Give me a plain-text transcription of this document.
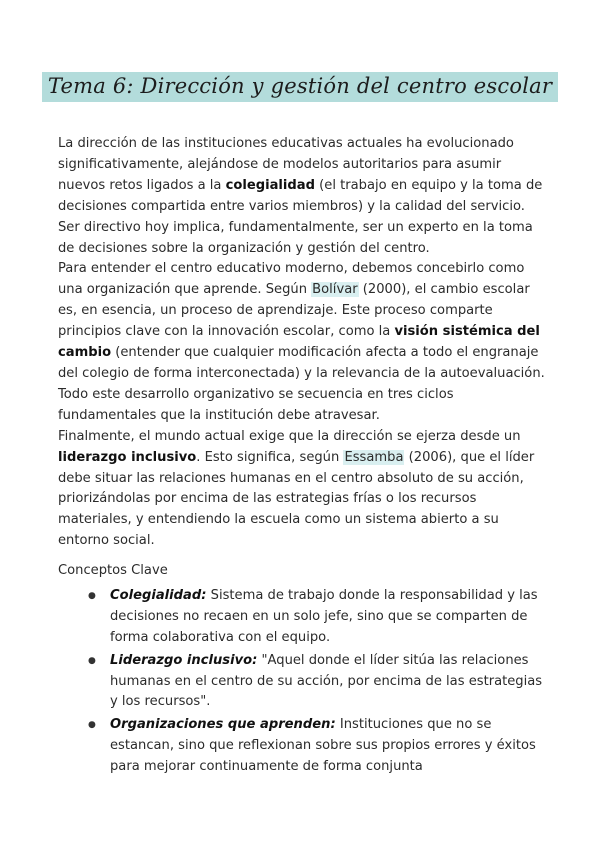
Tema 6: Dirección y gestión del centro escolar

La dirección de las instituciones educativas actuales ha evolucionado significativamente, alejándose de modelos autoritarios para asumir nuevos retos ligados a la colegialidad (el trabajo en equipo y la toma de decisiones compartida entre varios miembros) y la calidad del servicio. Ser directivo hoy implica, fundamentalmente, ser un experto en la toma de decisiones sobre la organización y gestión del centro.

Para entender el centro educativo moderno, debemos concebirlo como una organización que aprende. Según Bolívar (2000), el cambio escolar es, en esencia, un proceso de aprendizaje. Este proceso comparte principios clave con la innovación escolar, como la visión sistémica del cambio (entender que cualquier modificación afecta a todo el engranaje del colegio de forma interconectada) y la relevancia de la autoevaluación. Todo este desarrollo organizativo se secuencia en tres ciclos fundamentales que la institución debe atravesar.

Finalmente, el mundo actual exige que la dirección se ejerza desde un liderazgo inclusivo. Esto significa, según Essamba (2006), que el líder debe situar las relaciones humanas en el centro absoluto de su acción, priorizándolas por encima de las estrategias frías o los recursos materiales, y entendiendo la escuela como un sistema abierto a su entorno social.

Conceptos Clave

● Colegialidad: Sistema de trabajo donde la responsabilidad y las decisiones no recaen en un solo jefe, sino que se comparten de forma colaborativa con el equipo.
● Liderazgo inclusivo: "Aquel donde el líder sitúa las relaciones humanas en el centro de su acción, por encima de las estrategias y los recursos".
● Organizaciones que aprenden: Instituciones que no se estancan, sino que reflexionan sobre sus propios errores y éxitos para mejorar continuamente de forma conjunta
